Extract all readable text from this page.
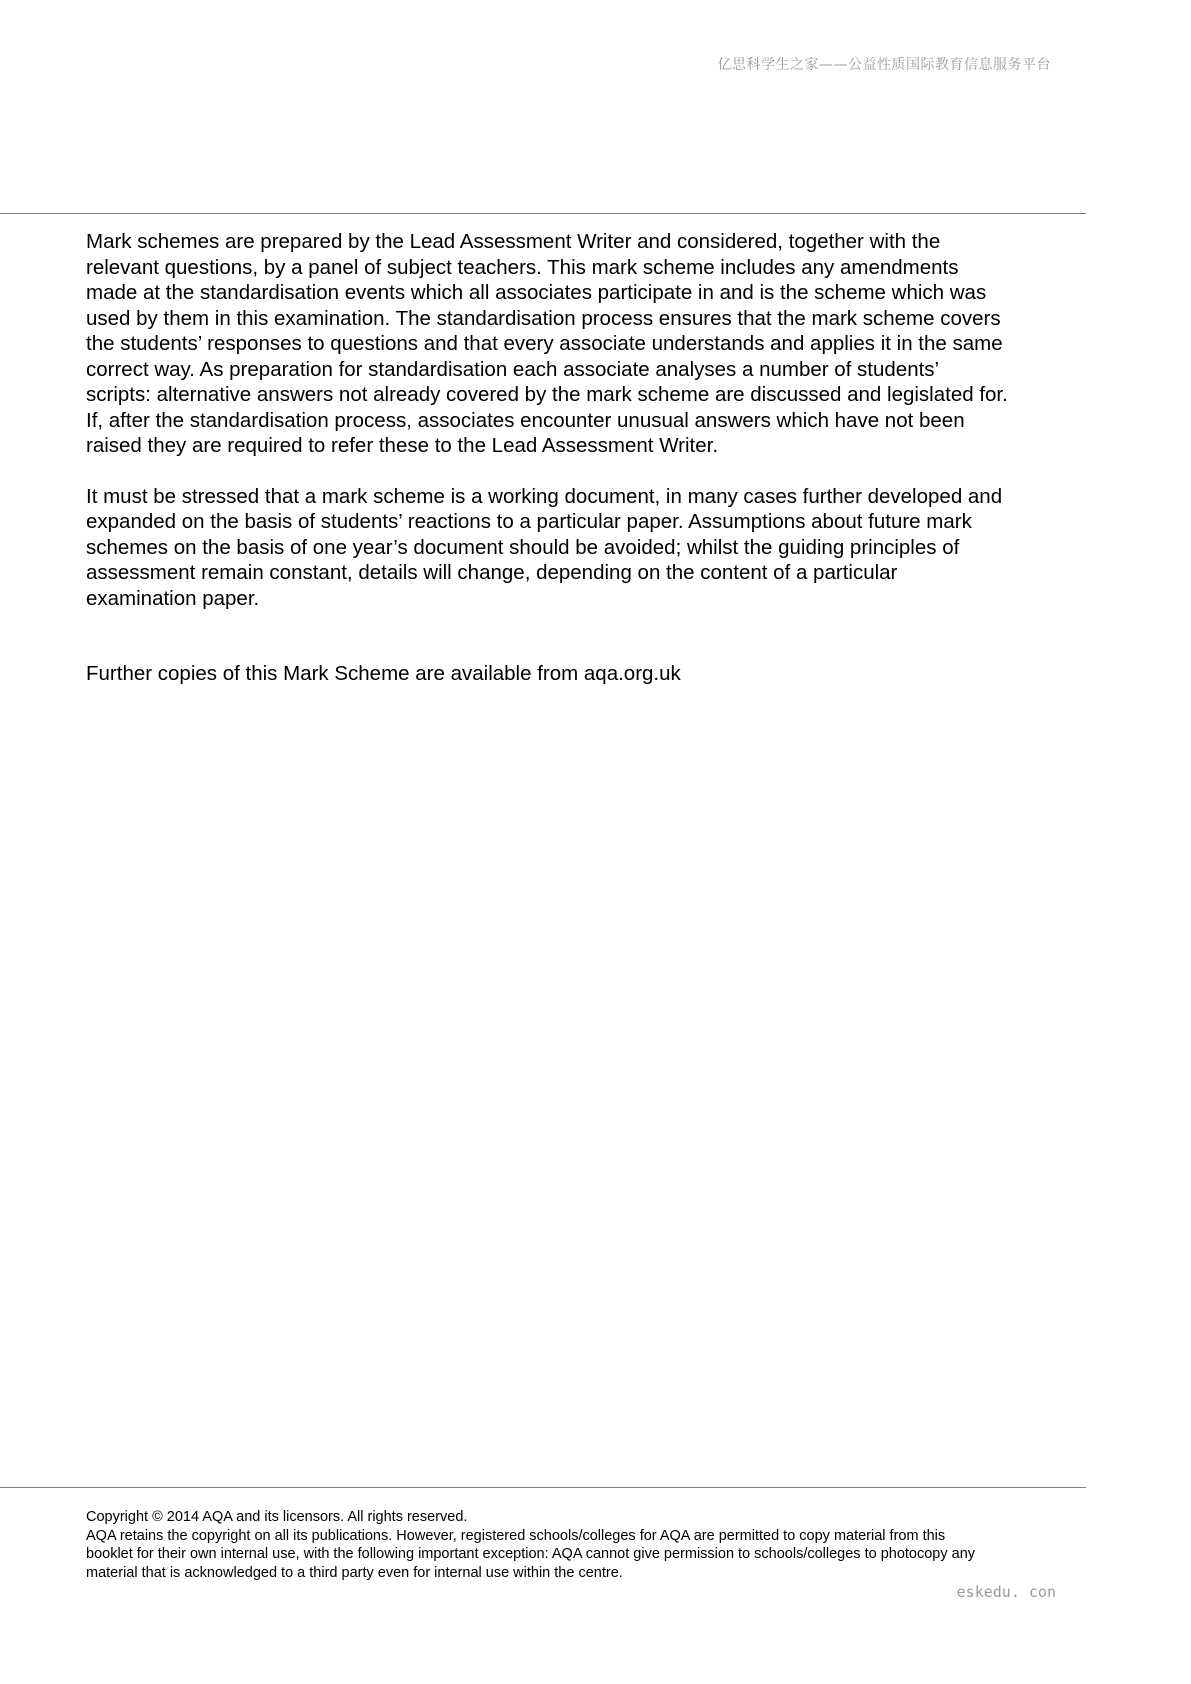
亿思科学生之家——公益性质国际教育信息服务平台

Mark schemes are prepared by the Lead Assessment Writer and considered, together with the
relevant questions, by a panel of subject teachers. This mark scheme includes any amendments
made at the standardisation events which all associates participate in and is the scheme which was
used by them in this examination. The standardisation process ensures that the mark scheme covers
the students’ responses to questions and that every associate understands and applies it in the same
correct way. As preparation for standardisation each associate analyses a number of students’
scripts: alternative answers not already covered by the mark scheme are discussed and legislated for.
If, after the standardisation process, associates encounter unusual answers which have not been
raised they are required to refer these to the Lead Assessment Writer.

It must be stressed that a mark scheme is a working document, in many cases further developed and
expanded on the basis of students’ reactions to a particular paper. Assumptions about future mark
schemes on the basis of one year’s document should be avoided; whilst the guiding principles of
assessment remain constant, details will change, depending on the content of a particular
examination paper.

Further copies of this Mark Scheme are available from aqa.org.uk

Copyright © 2014 AQA and its licensors. All rights reserved.

AQA retains the copyright on all its publications. However, registered schools/colleges for AQA are permitted to copy material from this
booklet for their own internal use, with the following important exception: AQA cannot give permission to schools/colleges to photocopy any
material that is acknowledged to a third party even for internal use within the centre.

eskedu. con
